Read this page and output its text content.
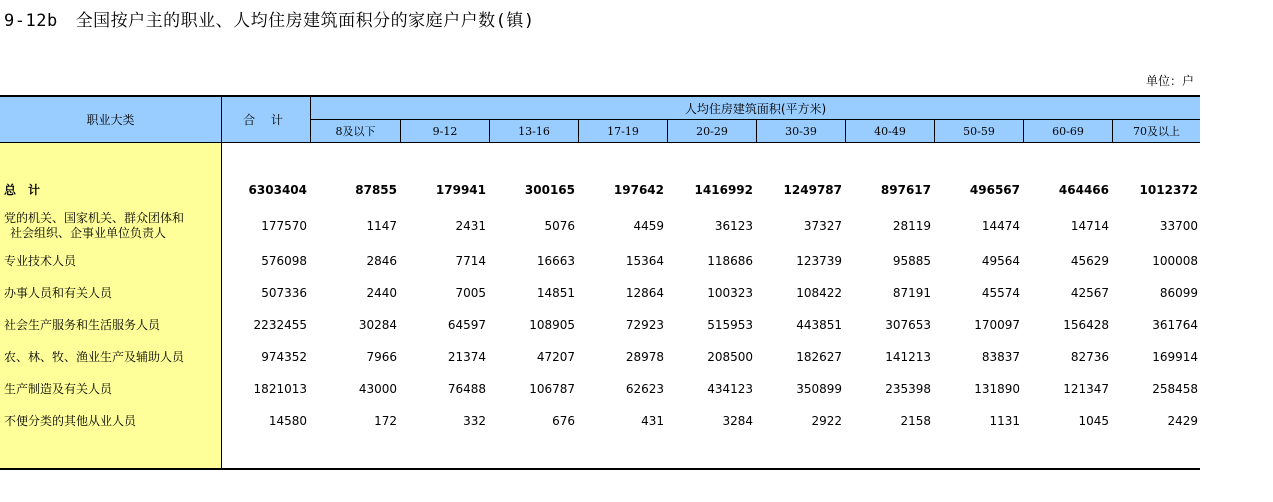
9-12b 全国按户主的职业、人均住房建筑面积分的家庭户户数(镇)
单位：户
职业大类	合 计
人均住房建筑面积(平方米)
8及以下	9-12	13-16	17-19	20-29	30-39	40-49	50-59	60-69	70及以上
总　计	6303404	87855	179941	300165	197642	1416992	1249787	897617	496567	464466	1012372
党的机关、国家机关、群众团体和
社会组织、企事业单位负责人	177570	1147	2431	5076	4459	36123	37327	28119	14474	14714	33700
专业技术人员	576098	2846	7714	16663	15364	118686	123739	95885	49564	45629	100008
办事人员和有关人员	507336	2440	7005	14851	12864	100323	108422	87191	45574	42567	86099
社会生产服务和生活服务人员	2232455	30284	64597	108905	72923	515953	443851	307653	170097	156428	361764
农、林、牧、渔业生产及辅助人员	974352	7966	21374	47207	28978	208500	182627	141213	83837	82736	169914
生产制造及有关人员	1821013	43000	76488	106787	62623	434123	350899	235398	131890	121347	258458
不便分类的其他从业人员	14580	172	332	676	431	3284	2922	2158	1131	1045	2429
